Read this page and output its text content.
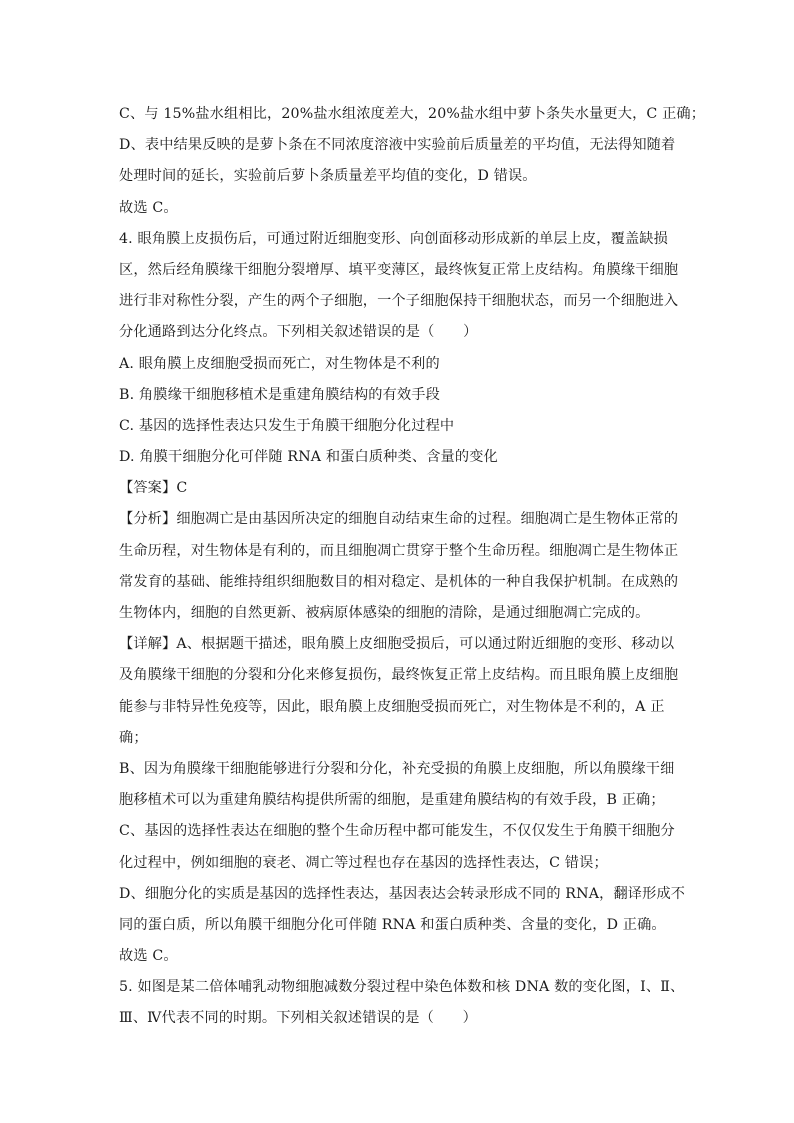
C、与 15%盐水组相比，20%盐水组浓度差大，20%盐水组中萝卜条失水量更大，C 正确；
D、表中结果反映的是萝卜条在不同浓度溶液中实验前后质量差的平均值，无法得知随着
处理时间的延长，实验前后萝卜条质量差平均值的变化，D 错误。
故选 C。
4. 眼角膜上皮损伤后，可通过附近细胞变形、向创面移动形成新的单层上皮，覆盖缺损
区，然后经角膜缘干细胞分裂增厚、填平变薄区，最终恢复正常上皮结构。角膜缘干细胞
进行非对称性分裂，产生的两个子细胞，一个子细胞保持干细胞状态，而另一个细胞进入
分化通路到达分化终点。下列相关叙述错误的是（　　）
A. 眼角膜上皮细胞受损而死亡，对生物体是不利的
B. 角膜缘干细胞移植术是重建角膜结构的有效手段
C. 基因的选择性表达只发生于角膜干细胞分化过程中
D. 角膜干细胞分化可伴随 RNA 和蛋白质种类、含量的变化
【答案】C
【分析】细胞凋亡是由基因所决定的细胞自动结束生命的过程。细胞凋亡是生物体正常的
生命历程，对生物体是有利的，而且细胞凋亡贯穿于整个生命历程。细胞凋亡是生物体正
常发育的基础、能维持组织细胞数目的相对稳定、是机体的一种自我保护机制。在成熟的
生物体内，细胞的自然更新、被病原体感染的细胞的清除，是通过细胞凋亡完成的。
【详解】A、根据题干描述，眼角膜上皮细胞受损后，可以通过附近细胞的变形、移动以
及角膜缘干细胞的分裂和分化来修复损伤，最终恢复正常上皮结构。而且眼角膜上皮细胞
能参与非特异性免疫等，因此，眼角膜上皮细胞受损而死亡，对生物体是不利的，A 正
确；
B、因为角膜缘干细胞能够进行分裂和分化，补充受损的角膜上皮细胞，所以角膜缘干细
胞移植术可以为重建角膜结构提供所需的细胞，是重建角膜结构的有效手段，B 正确；
C、基因的选择性表达在细胞的整个生命历程中都可能发生，不仅仅发生于角膜干细胞分
化过程中，例如细胞的衰老、凋亡等过程也存在基因的选择性表达，C 错误；
D、细胞分化的实质是基因的选择性表达，基因表达会转录形成不同的 RNA，翻译形成不
同的蛋白质，所以角膜干细胞分化可伴随 RNA 和蛋白质种类、含量的变化，D 正确。
故选 C。
5. 如图是某二倍体哺乳动物细胞减数分裂过程中染色体数和核 DNA 数的变化图，Ⅰ、Ⅱ、
Ⅲ、Ⅳ代表不同的时期。下列相关叙述错误的是（　　）
